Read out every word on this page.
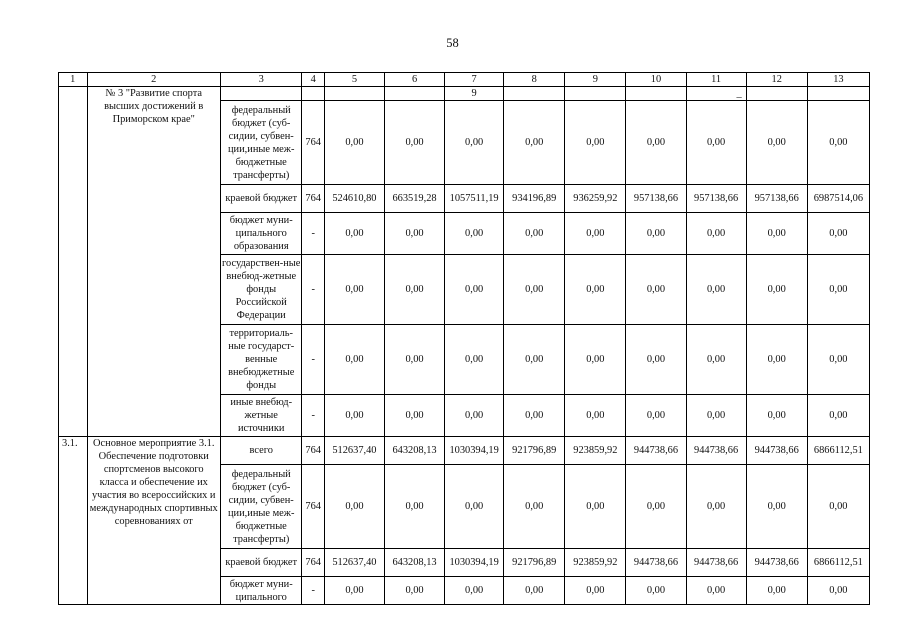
58
1	2	3	4	5	6	7	8	9	10	11	12	13
	№ 3 "Развитие спорта высших достижений в Приморском крае"					9				_		
		федеральный бюджет (суб-сидии, субвен-ции,иные меж-бюджетные трансферты)	764	0,00	0,00	0,00	0,00	0,00	0,00	0,00	0,00	0,00
		краевой бюджет	764	524610,80	663519,28	1057511,19	934196,89	936259,92	957138,66	957138,66	957138,66	6987514,06
		бюджет муни-ципального образования	-	0,00	0,00	0,00	0,00	0,00	0,00	0,00	0,00	0,00
		государствен-ные внебюд-жетные фонды Российской Федерации	-	0,00	0,00	0,00	0,00	0,00	0,00	0,00	0,00	0,00
		территориаль-ные государст-венные внебюджетные фонды	-	0,00	0,00	0,00	0,00	0,00	0,00	0,00	0,00	0,00
		иные внебюд-жетные источники	-	0,00	0,00	0,00	0,00	0,00	0,00	0,00	0,00	0,00
3.1.	Основное мероприятие 3.1. Обеспечение подготовки спортсменов высокого класса и обеспечение их участия во всероссийских и международных спортивных соревнованиях от	всего	764	512637,40	643208,13	1030394,19	921796,89	923859,92	944738,66	944738,66	944738,66	6866112,51
		федеральный бюджет (суб-сидии, субвен-ции,иные меж-бюджетные трансферты)	764	0,00	0,00	0,00	0,00	0,00	0,00	0,00	0,00	0,00
		краевой бюджет	764	512637,40	643208,13	1030394,19	921796,89	923859,92	944738,66	944738,66	944738,66	6866112,51
		бюджет муни-ципального	-	0,00	0,00	0,00	0,00	0,00	0,00	0,00	0,00	0,00
